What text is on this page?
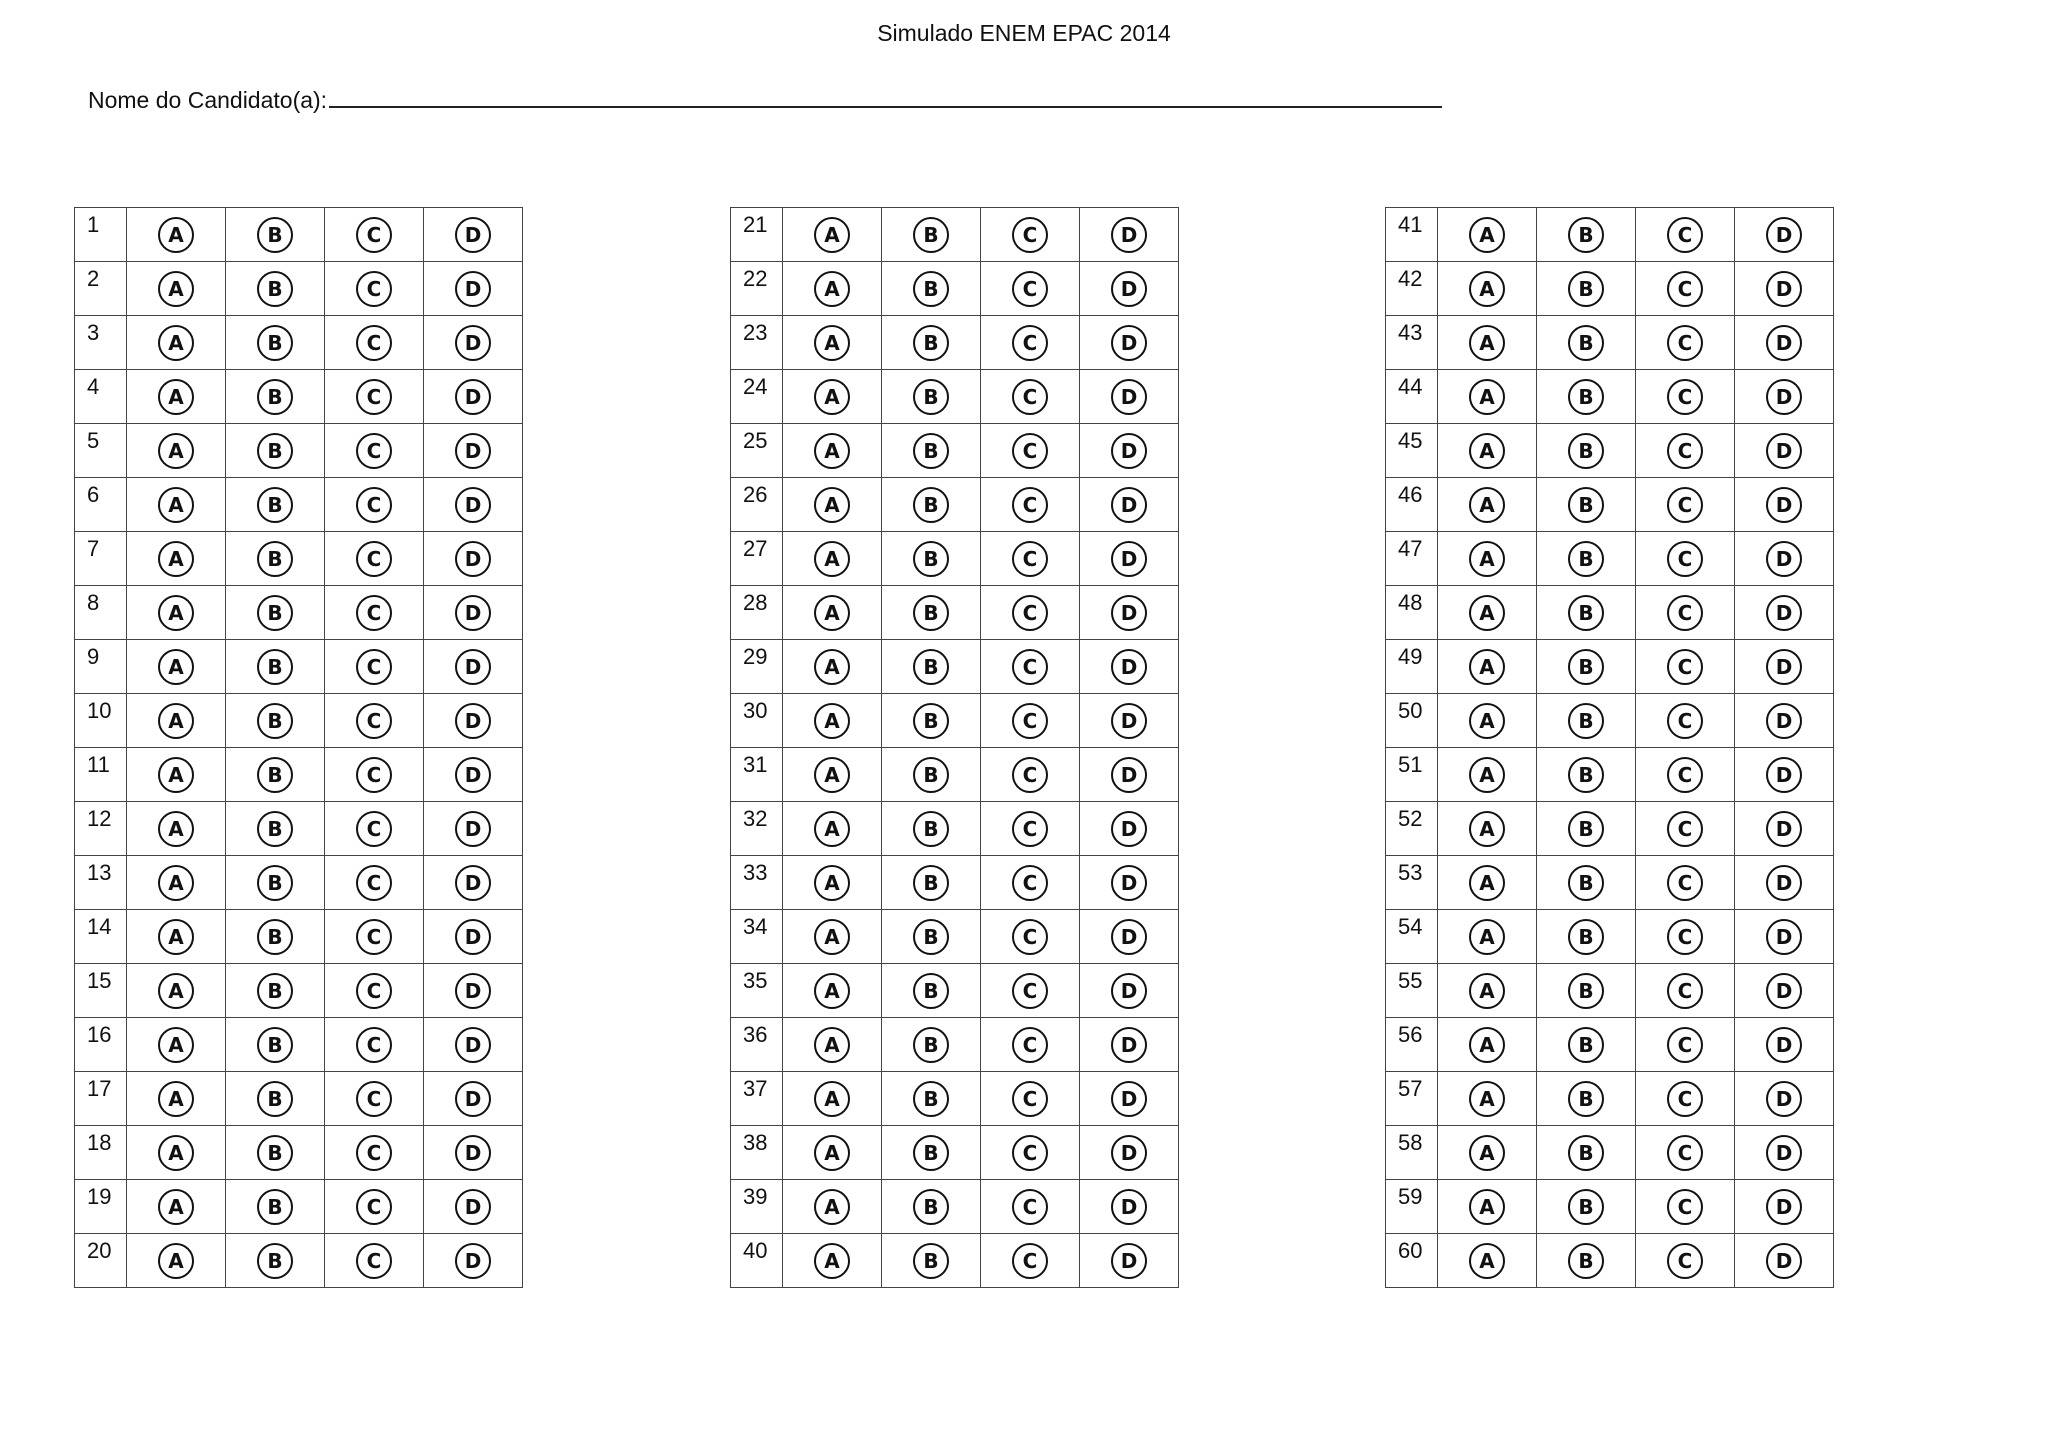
Simulado ENEM EPAC 2014
Nome do Candidato(a):
1	A	B	C	D
2	A	B	C	D
3	A	B	C	D
4	A	B	C	D
5	A	B	C	D
6	A	B	C	D
7	A	B	C	D
8	A	B	C	D
9	A	B	C	D
10	A	B	C	D
11	A	B	C	D
12	A	B	C	D
13	A	B	C	D
14	A	B	C	D
15	A	B	C	D
16	A	B	C	D
17	A	B	C	D
18	A	B	C	D
19	A	B	C	D
20	A	B	C	D
21	A	B	C	D
22	A	B	C	D
23	A	B	C	D
24	A	B	C	D
25	A	B	C	D
26	A	B	C	D
27	A	B	C	D
28	A	B	C	D
29	A	B	C	D
30	A	B	C	D
31	A	B	C	D
32	A	B	C	D
33	A	B	C	D
34	A	B	C	D
35	A	B	C	D
36	A	B	C	D
37	A	B	C	D
38	A	B	C	D
39	A	B	C	D
40	A	B	C	D
41	A	B	C	D
42	A	B	C	D
43	A	B	C	D
44	A	B	C	D
45	A	B	C	D
46	A	B	C	D
47	A	B	C	D
48	A	B	C	D
49	A	B	C	D
50	A	B	C	D
51	A	B	C	D
52	A	B	C	D
53	A	B	C	D
54	A	B	C	D
55	A	B	C	D
56	A	B	C	D
57	A	B	C	D
58	A	B	C	D
59	A	B	C	D
60	A	B	C	D
